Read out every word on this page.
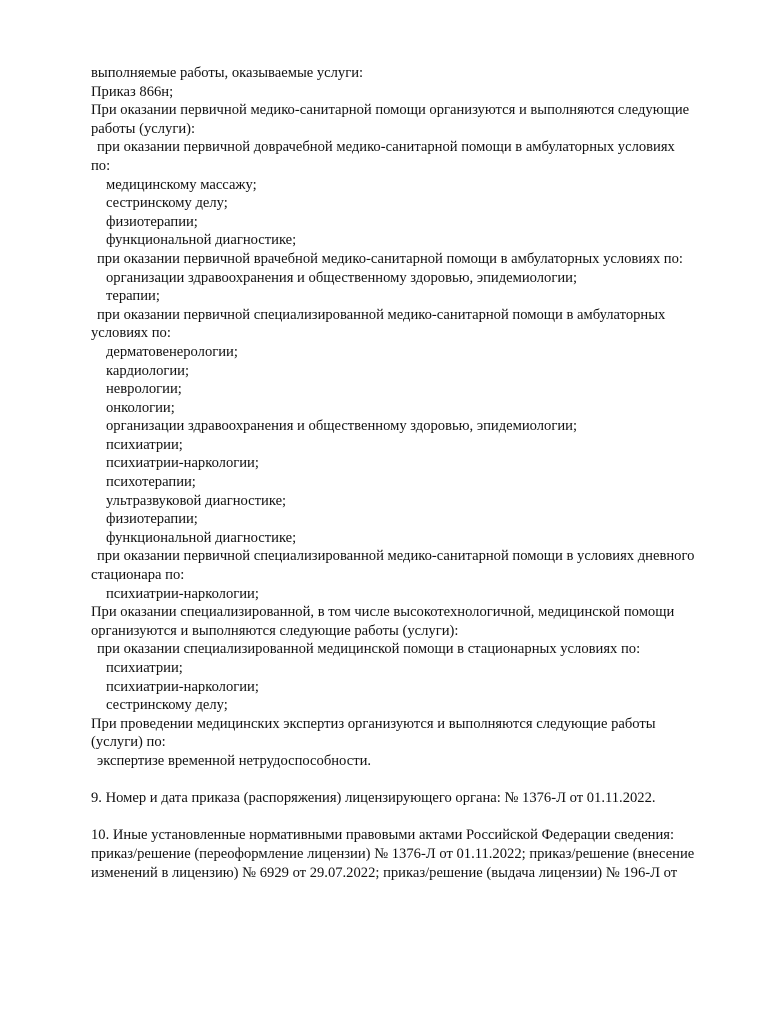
выполняемые работы, оказываемые услуги:
Приказ 866н;
При оказании первичной медико-санитарной помощи организуются и выполняются следующие
работы (услуги):
при оказании первичной доврачебной медико-санитарной помощи в амбулаторных условиях
по:
медицинскому массажу;
сестринскому делу;
физиотерапии;
функциональной диагностике;
при оказании первичной врачебной медико-санитарной помощи в амбулаторных условиях по:
организации здравоохранения и общественному здоровью, эпидемиологии;
терапии;
при оказании первичной специализированной медико-санитарной помощи в амбулаторных
условиях по:
дерматовенерологии;
кардиологии;
неврологии;
онкологии;
организации здравоохранения и общественному здоровью, эпидемиологии;
психиатрии;
психиатрии-наркологии;
психотерапии;
ультразвуковой диагностике;
физиотерапии;
функциональной диагностике;
при оказании первичной специализированной медико-санитарной помощи в условиях дневного
стационара по:
психиатрии-наркологии;
При оказании специализированной, в том числе высокотехнологичной, медицинской помощи
организуются и выполняются следующие работы (услуги):
при оказании специализированной медицинской помощи в стационарных условиях по:
психиатрии;
психиатрии-наркологии;
сестринскому делу;
При проведении медицинских экспертиз организуются и выполняются следующие работы
(услуги) по:
экспертизе временной нетрудоспособности.
9. Номер и дата приказа (распоряжения) лицензирующего органа: № 1376-Л от 01.11.2022.
10. Иные установленные нормативными правовыми актами Российской Федерации сведения:
приказ/решение (переоформление лицензии) № 1376-Л от 01.11.2022; приказ/решение (внесение
изменений в лицензию) № 6929 от 29.07.2022; приказ/решение (выдача лицензии) № 196-Л от
